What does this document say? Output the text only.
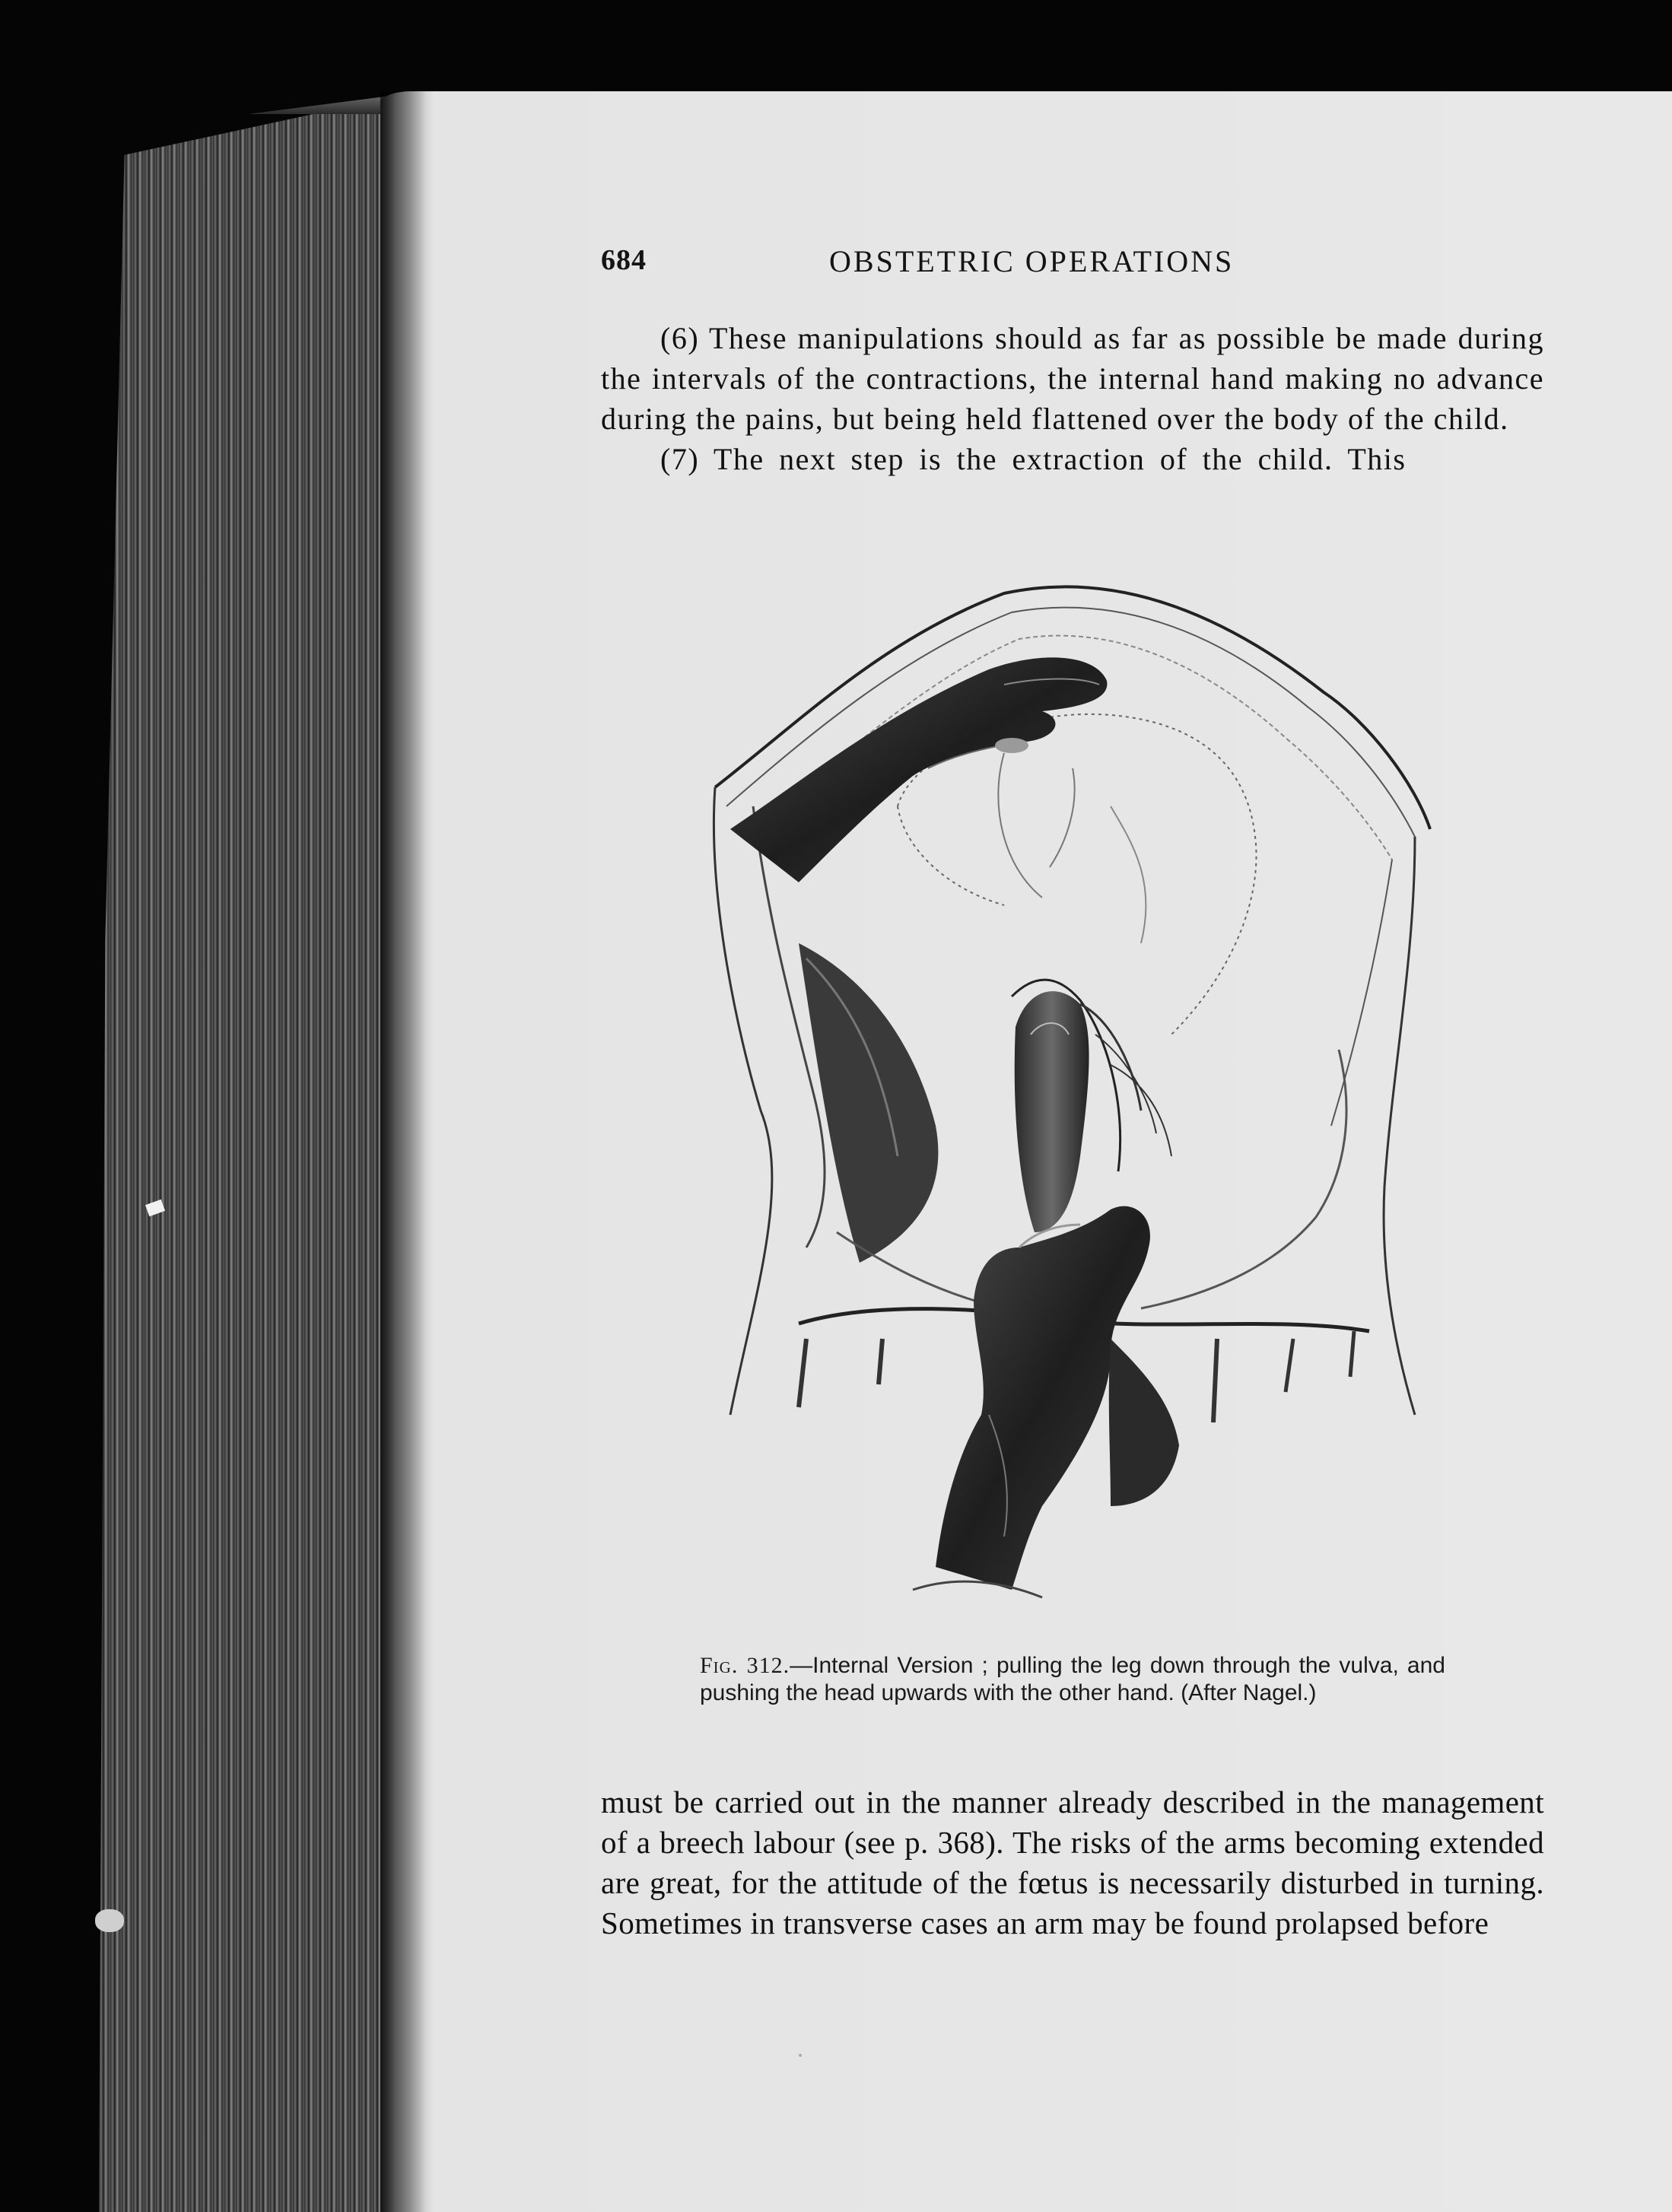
684	OBSTETRIC OPERATIONS

(6) These manipulations should as far as possible be made during the intervals of the contractions, the internal hand making no advance during the pains, but being held flattened over the body of the child.

(7) The next step is the extraction of the child. This

Fig. 312.—Internal Version ; pulling the leg down through the vulva, and pushing the head upwards with the other hand. (After Nagel.)

must be carried out in the manner already described in the management of a breech labour (see p. 368). The risks of the arms becoming extended are great, for the attitude of the fœtus is necessarily disturbed in turning. Sometimes in transverse cases an arm may be found prolapsed before
